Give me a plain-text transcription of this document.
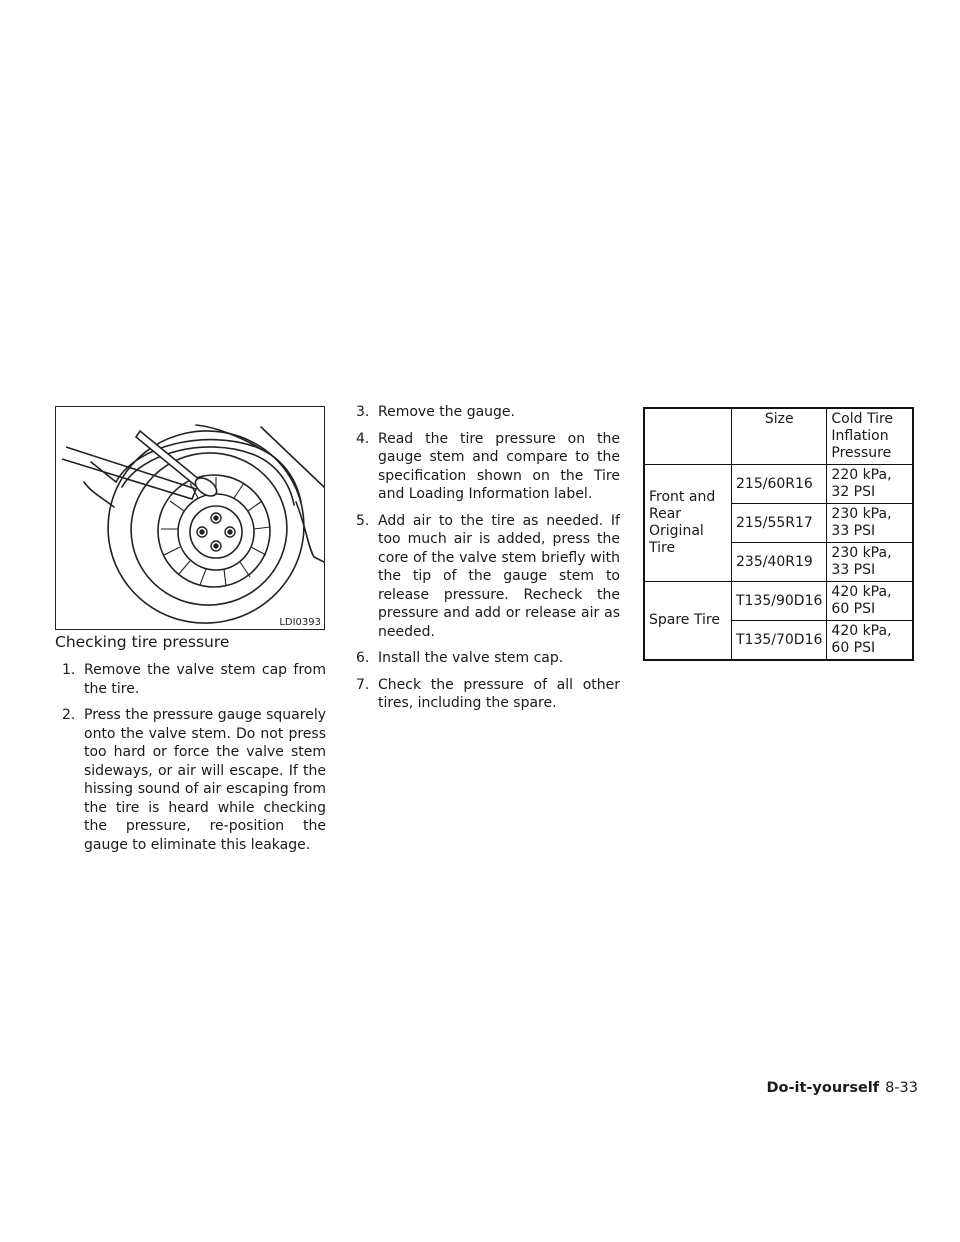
LDI0393
Checking tire pressure
1. Remove the valve stem cap from the tire.
2. Press the pressure gauge squarely onto the valve stem. Do not press too hard or force the valve stem sideways, or air will escape. If the hissing sound of air escaping from the tire is heard while checking the pressure, re-position the gauge to eliminate this leakage.
3. Remove the gauge.
4. Read the tire pressure on the gauge stem and compare to the specification shown on the Tire and Loading Information label.
5. Add air to the tire as needed. If too much air is added, press the core of the valve stem briefly with the tip of the gauge stem to release pressure. Recheck the pressure and add or release air as needed.
6. Install the valve stem cap.
7. Check the pressure of all other tires, including the spare.
	Size	Cold Tire Inflation Pressure
Front and Rear Original Tire	215/60R16	220 kPa, 32 PSI
	215/55R17	230 kPa, 33 PSI
	235/40R19	230 kPa, 33 PSI
Spare Tire	T135/90D16	420 kPa, 60 PSI
	T135/70D16	420 kPa, 60 PSI
Do-it-yourself 8-33
